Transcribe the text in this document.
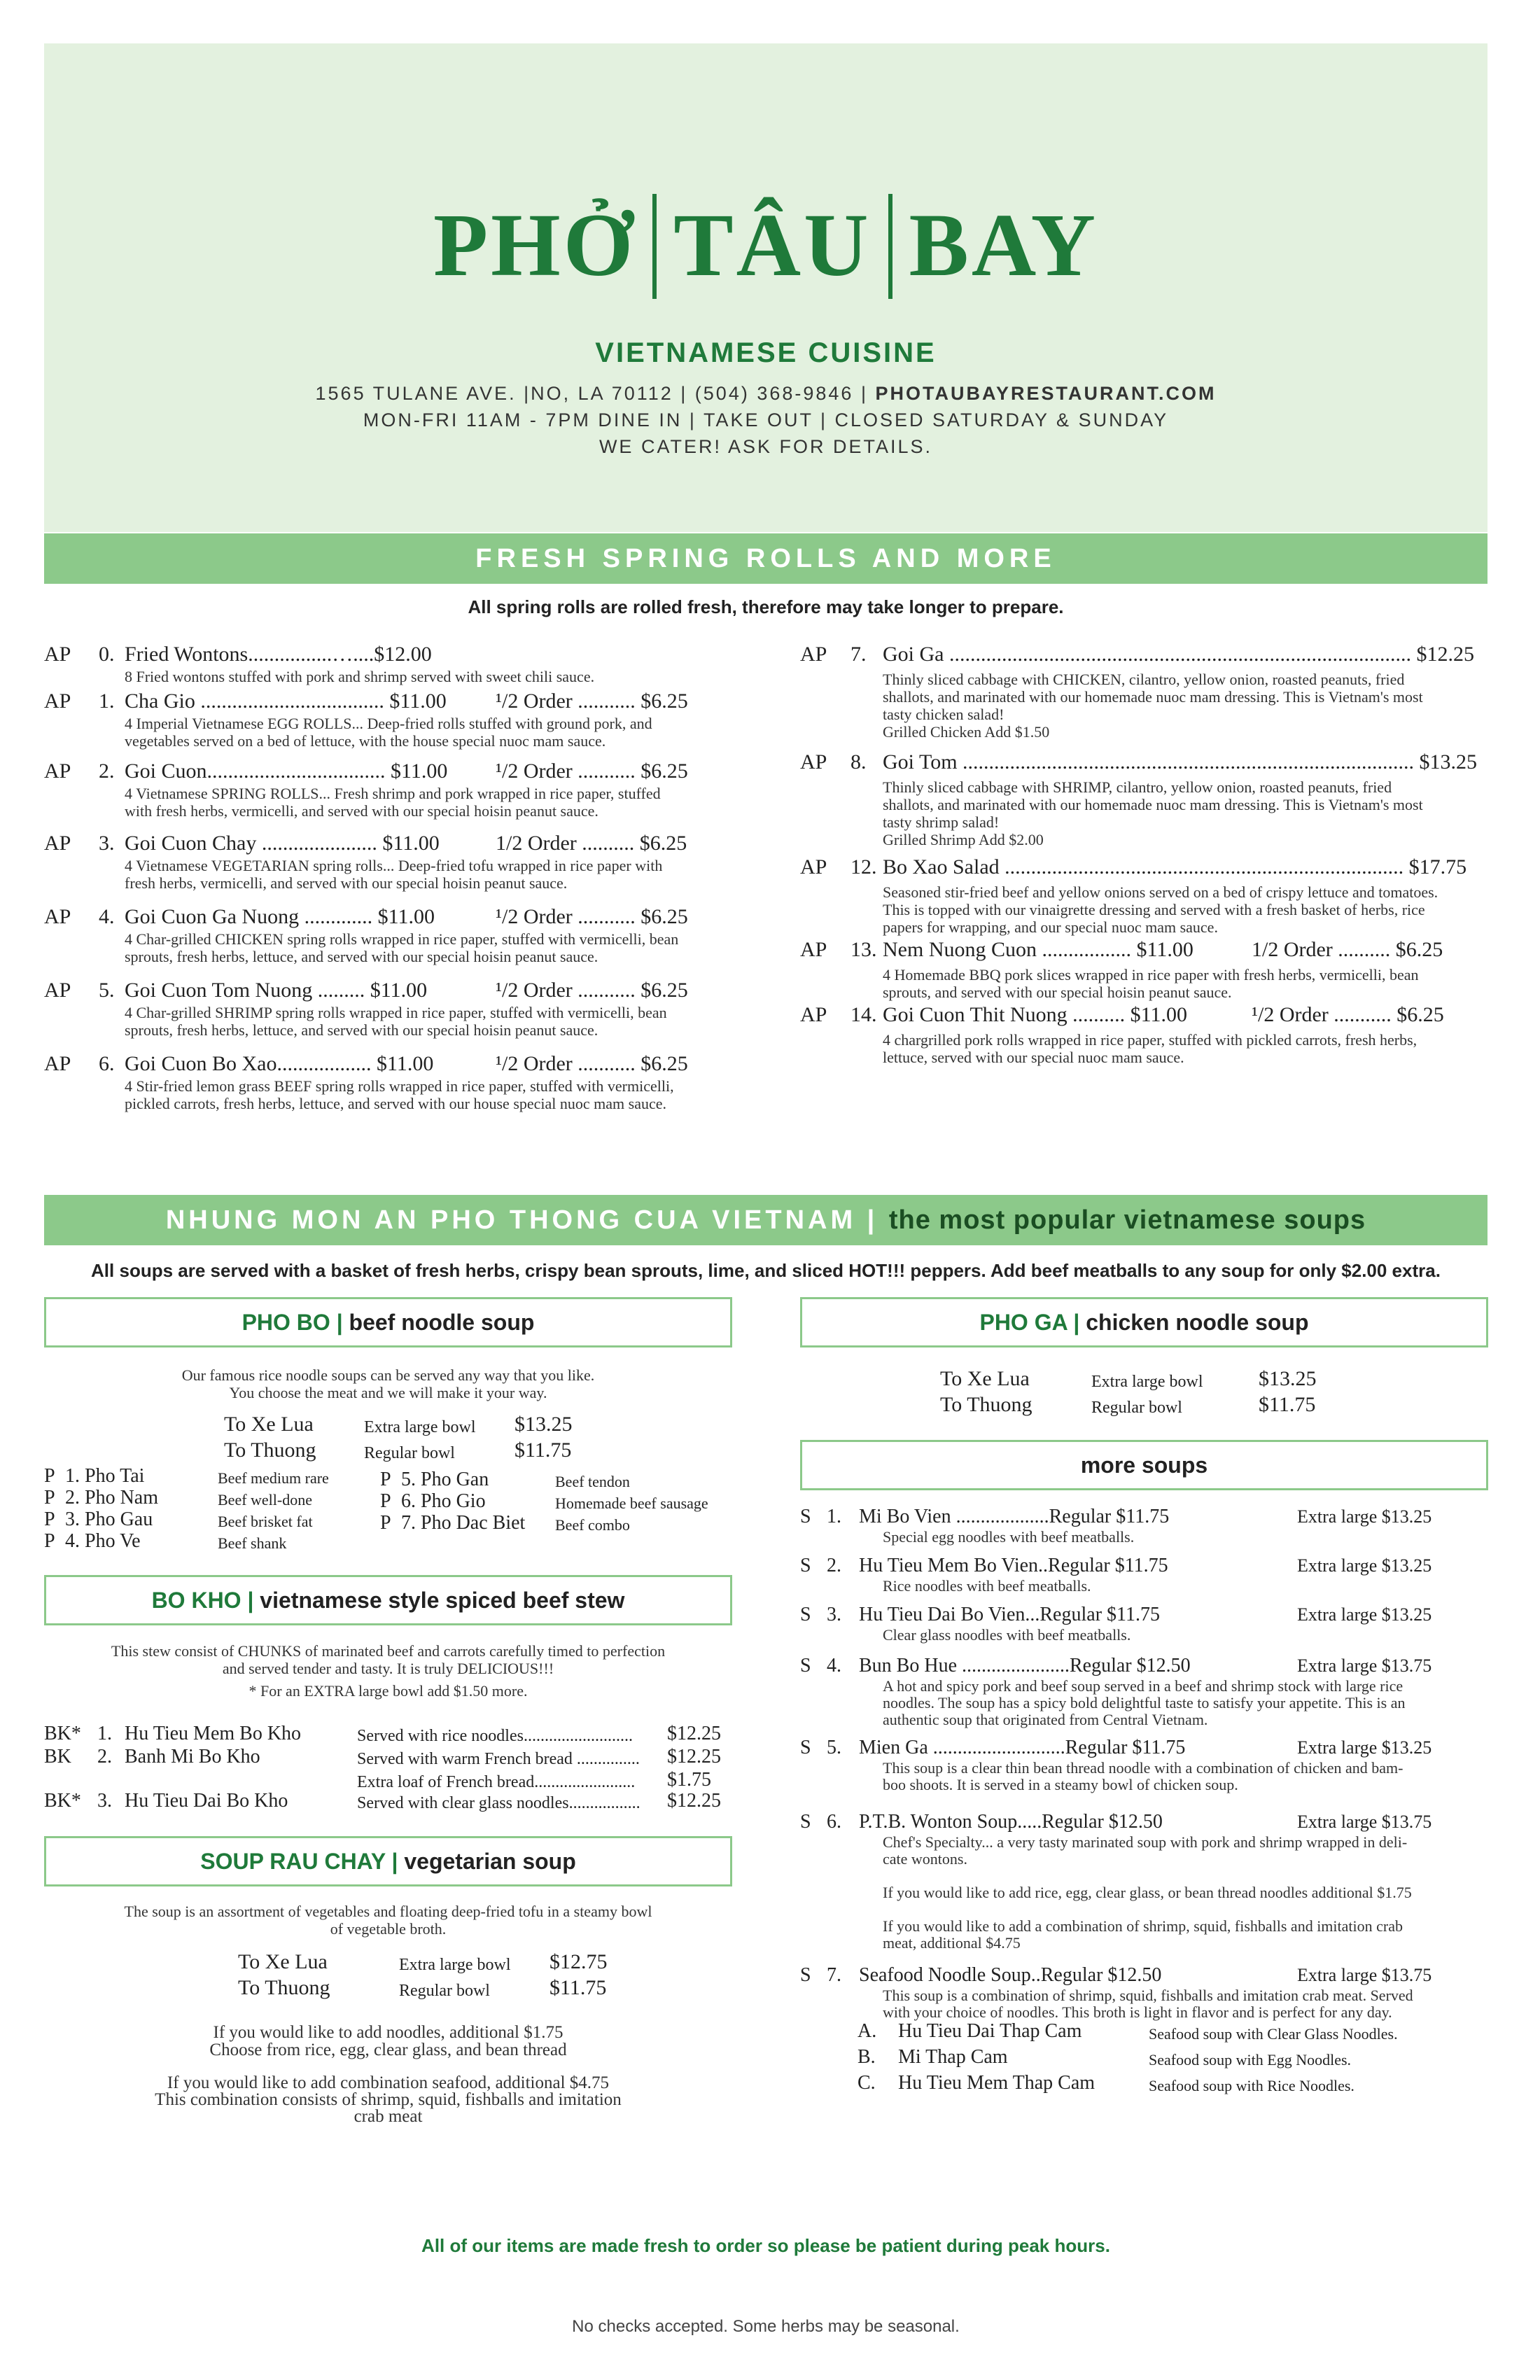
PHỞ TÂU BAY
VIETNAMESE CUISINE
1565 TULANE AVE. |NO, LA 70112 | (504) 368-9846 | PHOTAUBAYRESTAURANT.COM
MON-FRI 11AM - 7PM DINE IN | TAKE OUT | CLOSED SATURDAY & SUNDAY
WE CATER! ASK FOR DETAILS.
FRESH SPRING ROLLS AND MORE
All spring rolls are rolled fresh, therefore may take longer to prepare.
AP 0. Fried Wontons................…....$12.00
8 Fried wontons stuffed with pork and shrimp served with sweet chili sauce.
AP 1. Cha Gio ................................... $11.00 ¹/2 Order ........... $6.25
4 Imperial Vietnamese EGG ROLLS... Deep-fried rolls stuffed with ground pork, and
vegetables served on a bed of lettuce, with the house special nuoc mam sauce.
AP 2. Goi Cuon.................................. $11.00 ¹/2 Order ........... $6.25
4 Vietnamese SPRING ROLLS... Fresh shrimp and pork wrapped in rice paper, stuffed
with fresh herbs, vermicelli, and served with our special hoisin peanut sauce.
AP 3. Goi Cuon Chay ...................... $11.00	1/2 Order .......... $6.25
4 Vietnamese VEGETARIAN spring rolls... Deep-fried tofu wrapped in rice paper with
fresh herbs, vermicelli, and served with our special hoisin peanut sauce.
AP 4. Goi Cuon Ga Nuong ............. $11.00	¹/2 Order ........... $6.25
4 Char-grilled CHICKEN spring rolls wrapped in rice paper, stuffed with vermicelli, bean
sprouts, fresh herbs, lettuce, and served with our special hoisin peanut sauce.
AP 5. Goi Cuon Tom Nuong ......... $11.00	¹/2 Order ........... $6.25
4 Char-grilled SHRIMP spring rolls wrapped in rice paper, stuffed with vermicelli, bean
sprouts, fresh herbs, lettuce, and served with our special hoisin peanut sauce.
AP 6. Goi Cuon Bo Xao.................. $11.00	¹/2 Order ........... $6.25
4 Stir-fried lemon grass BEEF spring rolls wrapped in rice paper, stuffed with vermicelli,
pickled carrots, fresh herbs, lettuce, and served with our house special nuoc mam sauce.
AP 7. Goi Ga ........................................................................................ $12.25
Thinly sliced cabbage with CHICKEN, cilantro, yellow onion, roasted peanuts, fried
shallots, and marinated with our homemade nuoc mam dressing. This is Vietnam's most
tasty chicken salad!
Grilled Chicken Add $1.50
AP 8. Goi Tom ...................................................................................... $13.25
Thinly sliced cabbage with SHRIMP, cilantro, yellow onion, roasted peanuts, fried
shallots, and marinated with our homemade nuoc mam dressing. This is Vietnam's most
tasty shrimp salad!
Grilled Shrimp Add $2.00
AP 12. Bo Xao Salad ............................................................................ $17.75
Seasoned stir-fried beef and yellow onions served on a bed of crispy lettuce and tomatoes.
This is topped with our vinaigrette dressing and served with a fresh basket of herbs, rice
papers for wrapping, and our special nuoc mam sauce.
AP 13. Nem Nuong Cuon ................. $11.00	1/2 Order .......... $6.25
4 Homemade BBQ pork slices wrapped in rice paper with fresh herbs, vermicelli, bean
sprouts, and served with our special hoisin peanut sauce.
AP 14. Goi Cuon Thit Nuong .......... $11.00	¹/2 Order ........... $6.25
4 chargrilled pork rolls wrapped in rice paper, stuffed with pickled carrots, fresh herbs,
lettuce, served with our special nuoc mam sauce.
NHUNG MON AN PHO THONG CUA VIETNAM | the most popular vietnamese soups
All soups are served with a basket of fresh herbs, crispy bean sprouts, lime, and sliced HOT!!! peppers. Add beef meatballs to any soup for only $2.00 extra.
PHO BO | beef noodle soup
Our famous rice noodle soups can be served any way that you like.
You choose the meat and we will make it your way.
To Xe Lua	Extra large bowl $13.25
To Thuong	Regular bowl	$11.75
P 1. Pho Tai	Beef medium rare
P 2. Pho Nam	Beef well-done
P 3. Pho Gau	Beef brisket fat
P 4. Pho Ve	Beef shank
P 5. Pho Gan	Beef tendon
P 6. Pho Gio	Homemade beef sausage
P 7. Pho Dac Biet Beef combo
BO KHO | vietnamese style spiced beef stew
This stew consist of CHUNKS of marinated beef and carrots carefully timed to perfection
and served tender and tasty. It is truly DELICIOUS!!!
* For an EXTRA large bowl add $1.50 more.
BK* 1. Hu Tieu Mem Bo Kho	Served with rice noodles.......................... $12.25
BK 2. Banh Mi Bo Kho	Served with warm French bread ............... $12.25
Extra loaf of French bread........................ $1.75
BK* 3. Hu Tieu Dai Bo Kho	Served with clear glass noodles................. $12.25
SOUP RAU CHAY | vegetarian soup
The soup is an assortment of vegetables and floating deep-fried tofu in a steamy bowl
of vegetable broth.
To Xe Lua	Extra large bowl $12.75
To Thuong	Regular bowl	$11.75
If you would like to add noodles, additional $1.75
Choose from rice, egg, clear glass, and bean thread
If you would like to add combination seafood, additional $4.75
This combination consists of shrimp, squid, fishballs and imitation
crab meat
PHO GA | chicken noodle soup
To Xe Lua	Extra large bowl	$13.25
To Thuong	Regular bowl	$11.75
more soups
S 1. Mi Bo Vien ...................Regular $11.75	Extra large $13.25
Special egg noodles with beef meatballs.
S 2. Hu Tieu Mem Bo Vien..Regular $11.75	Extra large $13.25
Rice noodles with beef meatballs.
S 3. Hu Tieu Dai Bo Vien...Regular $11.75	Extra large $13.25
Clear glass noodles with beef meatballs.
S 4. Bun Bo Hue ......................Regular $12.50	Extra large $13.75
A hot and spicy pork and beef soup served in a beef and shrimp stock with large rice
noodles. The soup has a spicy bold delightful taste to satisfy your appetite. This is an
authentic soup that originated from Central Vietnam.
S 5. Mien Ga ...........................Regular $11.75	Extra large $13.25
This soup is a clear thin bean thread noodle with a combination of chicken and bam-
boo shoots. It is served in a steamy bowl of chicken soup.
S 6. P.T.B. Wonton Soup.....Regular $12.50	Extra large $13.75
Chef's Specialty... a very tasty marinated soup with pork and shrimp wrapped in deli-
cate wontons.
If you would like to add rice, egg, clear glass, or bean thread noodles additional $1.75
If you would like to add a combination of shrimp, squid, fishballs and imitation crab
meat, additional $4.75
S 7. Seafood Noodle Soup..Regular $12.50	Extra large $13.75
This soup is a combination of shrimp, squid, fishballs and imitation crab meat. Served
with your choice of noodles. This broth is light in flavor and is perfect for any day.
A. Hu Tieu Dai Thap Cam	Seafood soup with Clear Glass Noodles.
B. Mi Thap Cam	Seafood soup with Egg Noodles.
C. Hu Tieu Mem Thap Cam	Seafood soup with Rice Noodles.
All of our items are made fresh to order so please be patient during peak hours.
No checks accepted. Some herbs may be seasonal.
